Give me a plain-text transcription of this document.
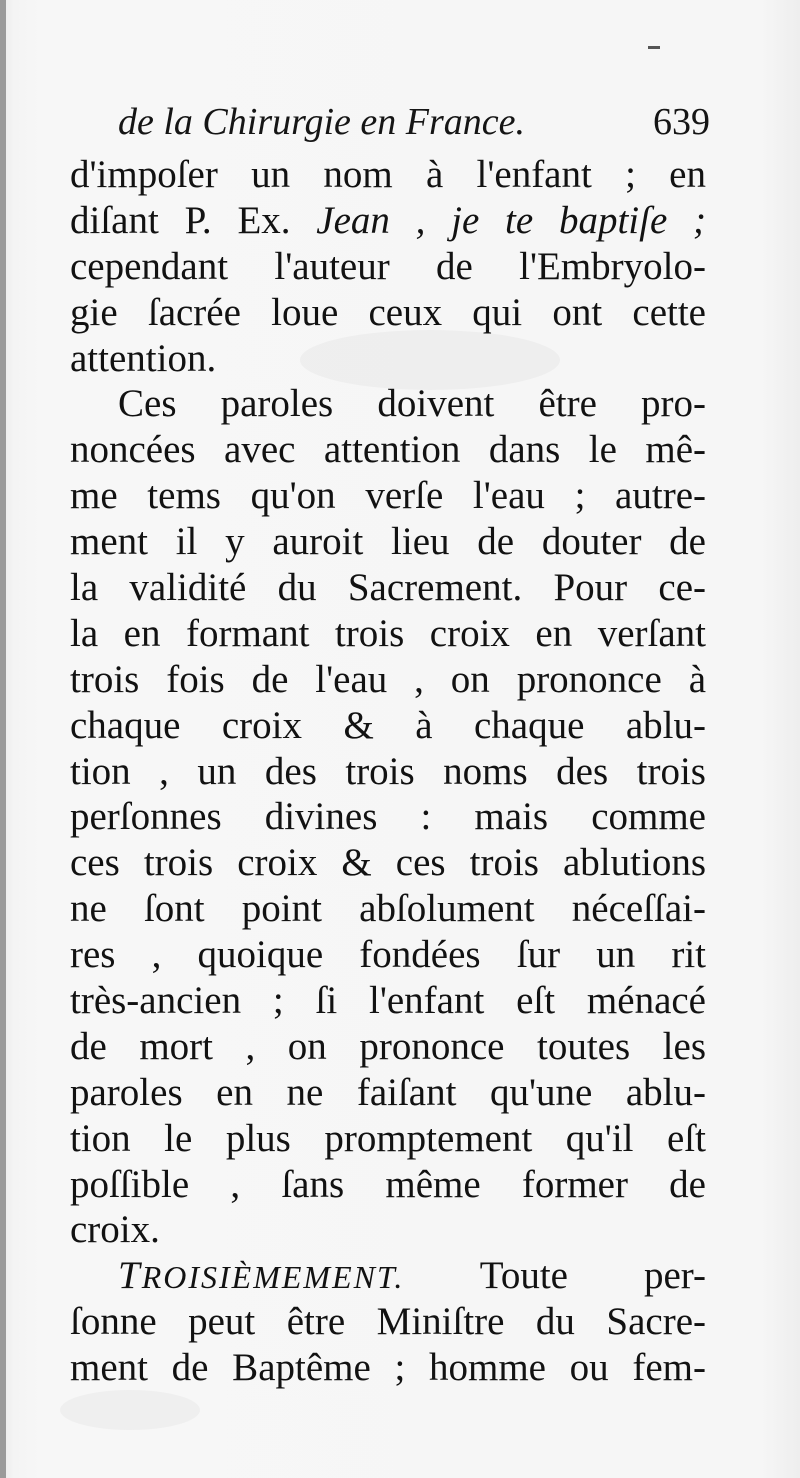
de la Chirurgie en France.	639
d'impoſer un nom à l'enfant ; en
diſant P. Ex. Jean , je te baptiſe ;
cependant l'auteur de l'Embryolo-
gie ſacrée loue ceux qui ont cette
attention.
Ces paroles doivent être pro-
noncées avec attention dans le mê-
me tems qu'on verſe l'eau ; autre-
ment il y auroit lieu de douter de
la validité du Sacrement. Pour ce-
la en formant trois croix en verſant
trois fois de l'eau , on prononce à
chaque croix & à chaque ablu-
tion , un des trois noms des trois
perſonnes divines : mais comme
ces trois croix & ces trois ablutions
ne ſont point abſolument néceſſai-
res , quoique fondées ſur un rit
très-ancien ; ſi l'enfant eſt ménacé
de mort , on prononce toutes les
paroles en ne faiſant qu'une ablu-
tion le plus promptement qu'il eſt
poſſible , ſans même former de
croix.
TROISIÈMEMENT. Toute per-
ſonne peut être Miniſtre du Sacre-
ment de Baptême ; homme ou fem-
